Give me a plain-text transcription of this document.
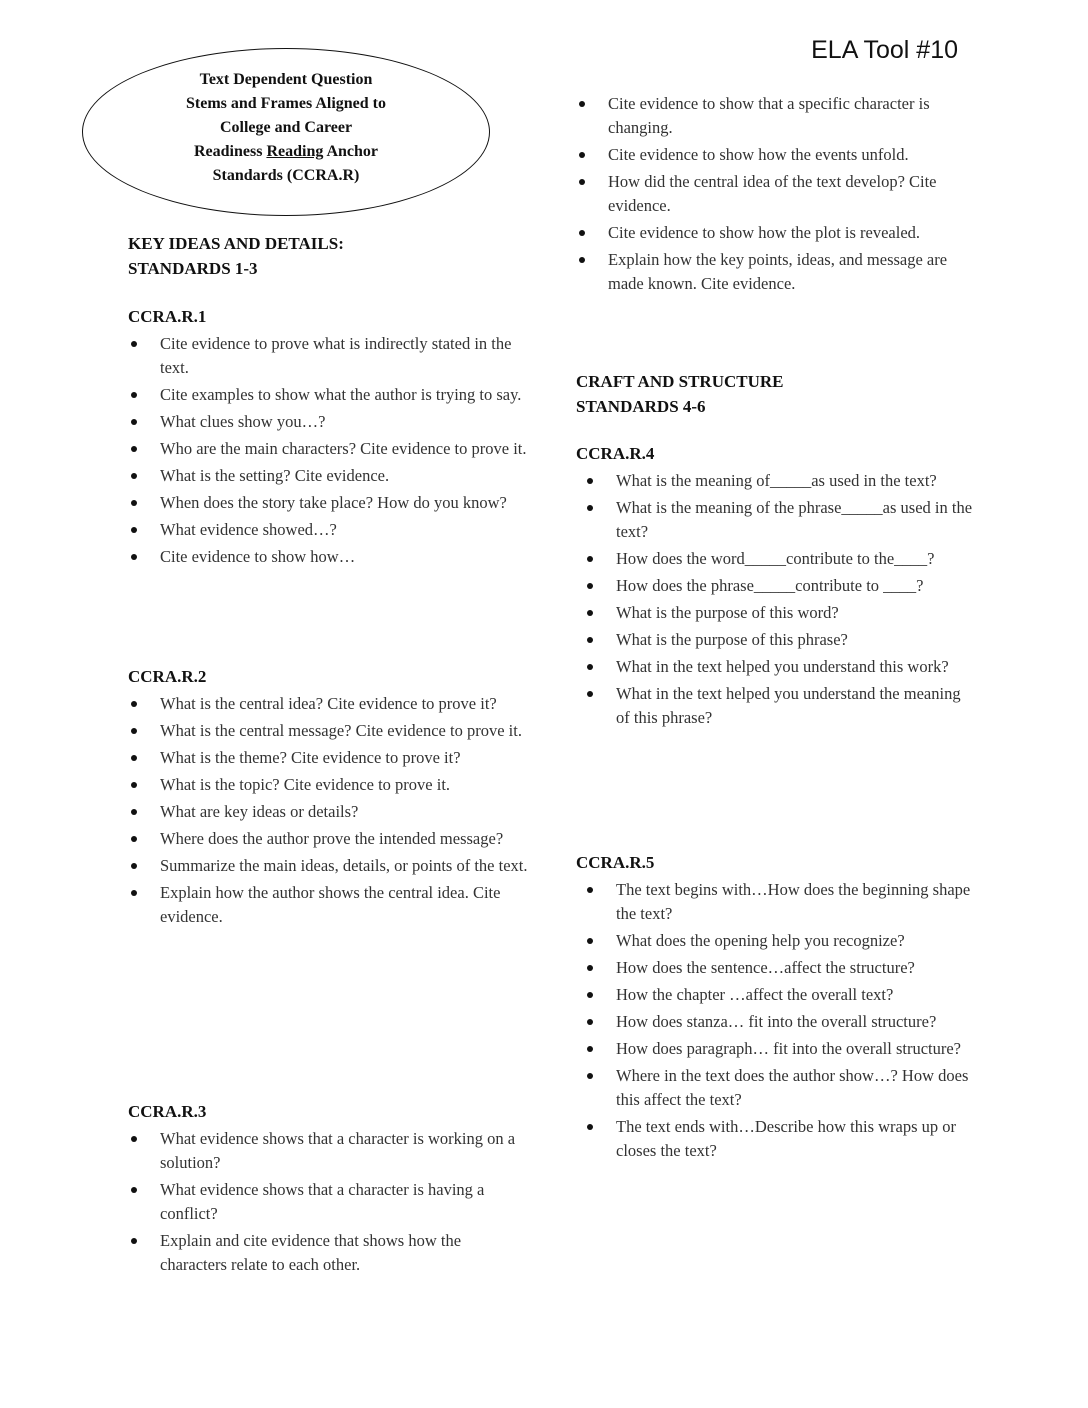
ELA Tool #10
Text Dependent Question
Stems and Frames Aligned to
College and Career
Readiness Reading Anchor
Standards (CCRA.R)
KEY IDEAS AND DETAILS:
STANDARDS 1-3
CCRA.R.1
Cite evidence to prove what is indirectly stated in the text.
Cite examples to show what the author is trying to say.
What clues show you…?
Who are the main characters? Cite evidence to prove it.
What is the setting? Cite evidence.
When does the story take place? How do you know?
What evidence showed…?
Cite evidence to show how…
CCRA.R.2
What is the central idea? Cite evidence to prove it?
What is the central message? Cite evidence to prove it.
What is the theme? Cite evidence to prove it?
What is the topic? Cite evidence to prove it.
What are key ideas or details?
Where does the author prove the intended message?
Summarize the main ideas, details, or points of the text.
Explain how the author shows the central idea. Cite evidence.
CCRA.R.3
What evidence shows that a character is working on a solution?
What evidence shows that a character is having a conflict?
Explain and cite evidence that shows how the characters relate to each other.
Cite evidence to show that a specific character is changing.
Cite evidence to show how the events unfold.
How did the central idea of the text develop? Cite evidence.
Cite evidence to show how the plot is revealed.
Explain how the key points, ideas, and message are made known. Cite evidence.
CRAFT AND STRUCTURE
STANDARDS 4-6
CCRA.R.4
What is the meaning of_____as used in the text?
What is the meaning of the phrase_____as used in the text?
How does the word_____contribute to the____?
How does the phrase_____contribute to ____?
What is the purpose of this word?
What is the purpose of this phrase?
What in the text helped you understand this work?
What in the text helped you understand the meaning of this phrase?
CCRA.R.5
The text begins with…How does the beginning shape the text?
What does the opening help you recognize?
How does the sentence…affect the structure?
How the chapter …affect the overall text?
How does stanza… fit into the overall structure?
How does paragraph… fit into the overall structure?
Where in the text does the author show…? How does this affect the text?
The text ends with…Describe how this wraps up or closes the text?
